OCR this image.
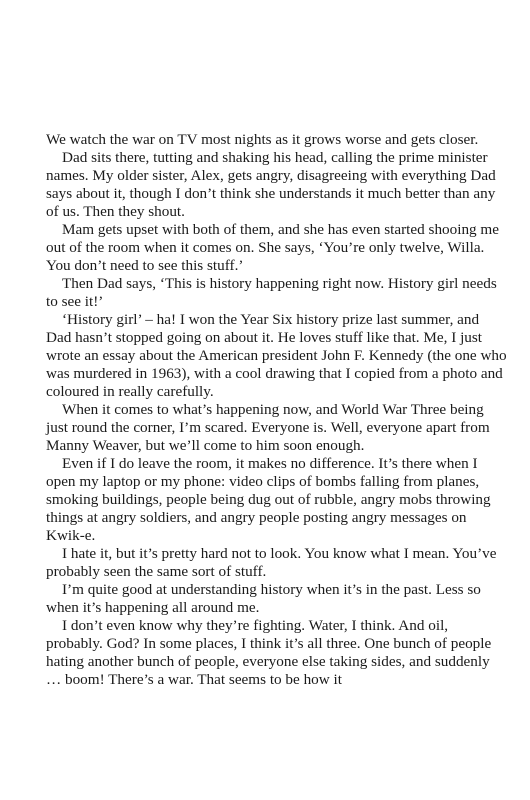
We watch the war on TV most nights as it grows worse and gets closer.

Dad sits there, tutting and shaking his head, calling the prime minister names. My older sister, Alex, gets angry, disagreeing with everything Dad says about it, though I don’t think she understands it much better than any of us. Then they shout.

Mam gets upset with both of them, and she has even started shooing me out of the room when it comes on. She says, ‘You’re only twelve, Willa. You don’t need to see this stuff.’

Then Dad says, ‘This is history happening right now. History girl needs to see it!’

‘History girl’ – ha! I won the Year Six history prize last summer, and Dad hasn’t stopped going on about it. He loves stuff like that. Me, I just wrote an essay about the American president John F. Kennedy (the one who was murdered in 1963), with a cool drawing that I copied from a photo and coloured in really carefully.

When it comes to what’s happening now, and World War Three being just round the corner, I’m scared. Everyone is. Well, everyone apart from Manny Weaver, but we’ll come to him soon enough.

Even if I do leave the room, it makes no difference. It’s there when I open my laptop or my phone: video clips of bombs falling from planes, smoking buildings, people being dug out of rubble, angry mobs throwing things at angry soldiers, and angry people posting angry messages on Kwik-e.

I hate it, but it’s pretty hard not to look. You know what I mean. You’ve probably seen the same sort of stuff.

I’m quite good at understanding history when it’s in the past. Less so when it’s happening all around me.

I don’t even know why they’re fighting. Water, I think. And oil, probably. God? In some places, I think it’s all three. One bunch of people hating another bunch of people, everyone else taking sides, and suddenly … boom! There’s a war. That seems to be how it
